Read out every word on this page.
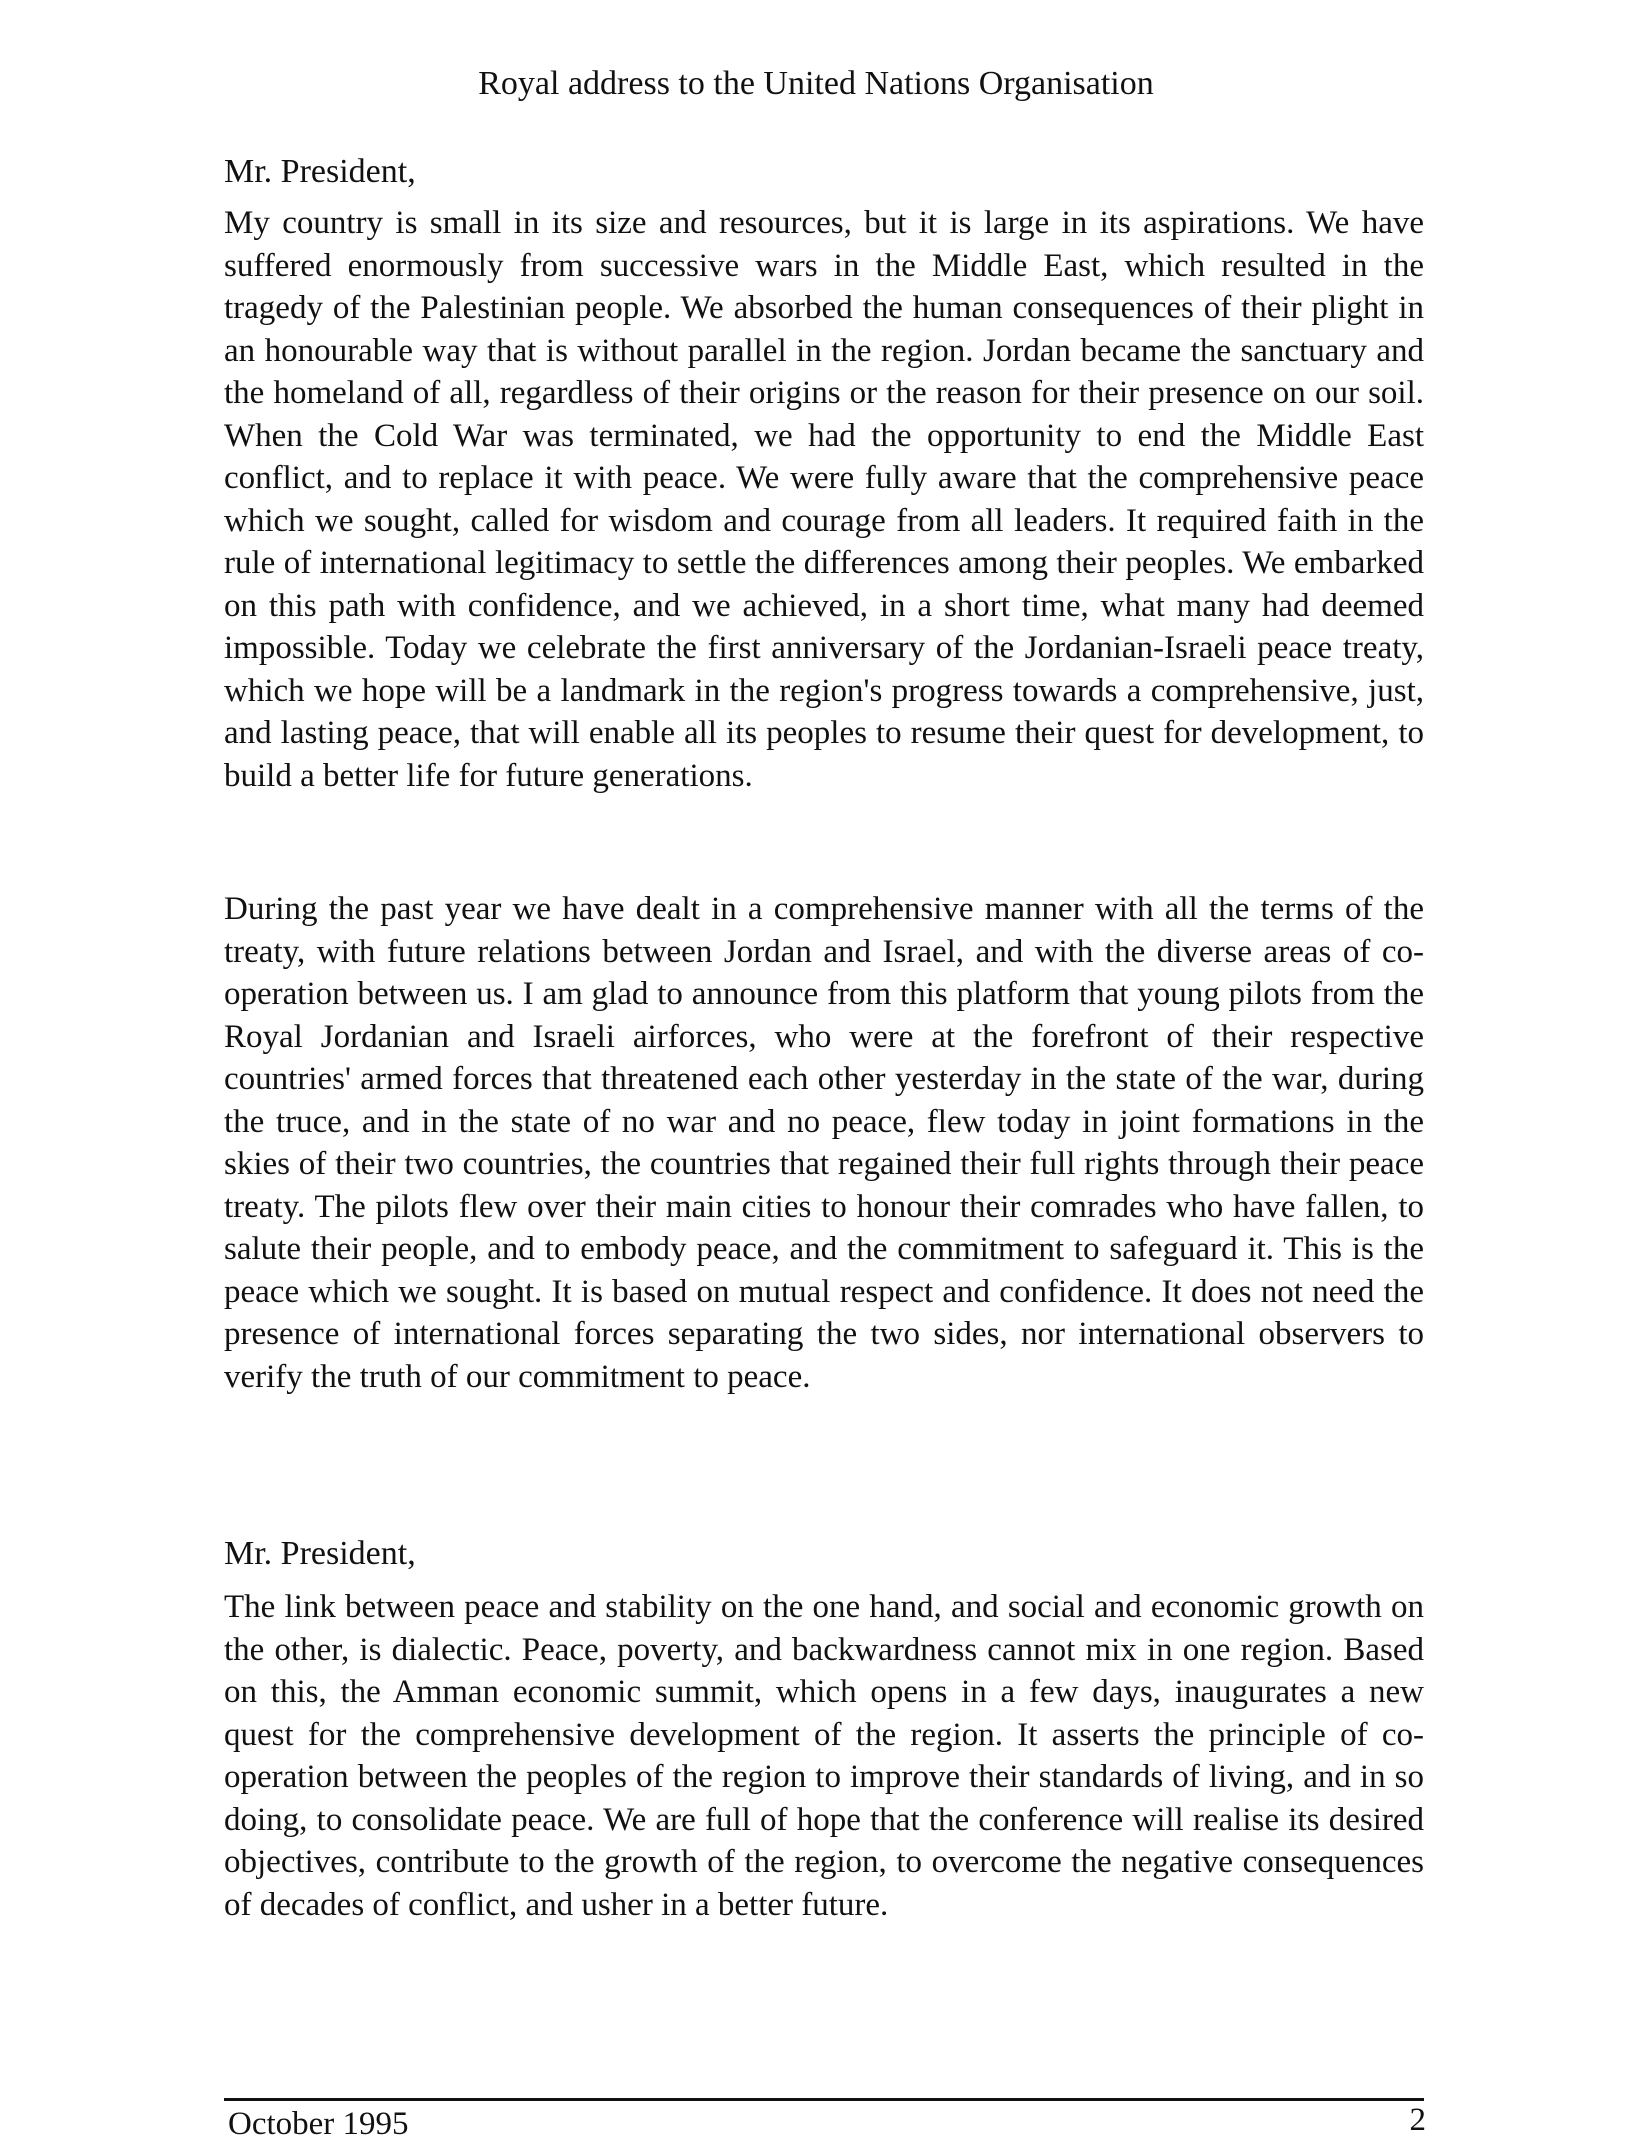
Royal address to the United Nations Organisation
Mr. President,
My country is small in its size and resources, but it is large in its aspirations. We have suffered enormously from successive wars in the Middle East, which resulted in the tragedy of the Palestinian people. We absorbed the human consequences of their plight in an honourable way that is without parallel in the region. Jordan became the sanctuary and the homeland of all, regardless of their origins or the reason for their presence on our soil. When the Cold War was terminated, we had the opportunity to end the Middle East conflict, and to replace it with peace. We were fully aware that the comprehensive peace which we sought, called for wisdom and courage from all leaders. It required faith in the rule of international legitimacy to settle the differences among their peoples. We embarked on this path with confidence, and we achieved, in a short time, what many had deemed impossible. Today we celebrate the first anniversary of the Jordanian-Israeli peace treaty, which we hope will be a landmark in the region's progress towards a comprehensive, just, and lasting peace, that will enable all its peoples to resume their quest for development, to build a better life for future generations.
During the past year we have dealt in a comprehensive manner with all the terms of the treaty, with future relations between Jordan and Israel, and with the diverse areas of co-operation between us. I am glad to announce from this platform that young pilots from the Royal Jordanian and Israeli airforces, who were at the forefront of their respective countries' armed forces that threatened each other yesterday in the state of the war, during the truce, and in the state of no war and no peace, flew today in joint formations in the skies of their two countries, the countries that regained their full rights through their peace treaty. The pilots flew over their main cities to honour their comrades who have fallen, to salute their people, and to embody peace, and the commitment to safeguard it. This is the peace which we sought. It is based on mutual respect and confidence. It does not need the presence of international forces separating the two sides, nor international observers to verify the truth of our commitment to peace.
Mr. President,
The link between peace and stability on the one hand, and social and economic growth on the other, is dialectic. Peace, poverty, and backwardness cannot mix in one region. Based on this, the Amman economic summit, which opens in a few days, inaugurates a new quest for the comprehensive development of the region. It asserts the principle of co-operation between the peoples of the region to improve their standards of living, and in so doing, to consolidate peace. We are full of hope that the conference will realise its desired objectives, contribute to the growth of the region, to overcome the negative consequences of decades of conflict, and usher in a better future.
October 1995	2
